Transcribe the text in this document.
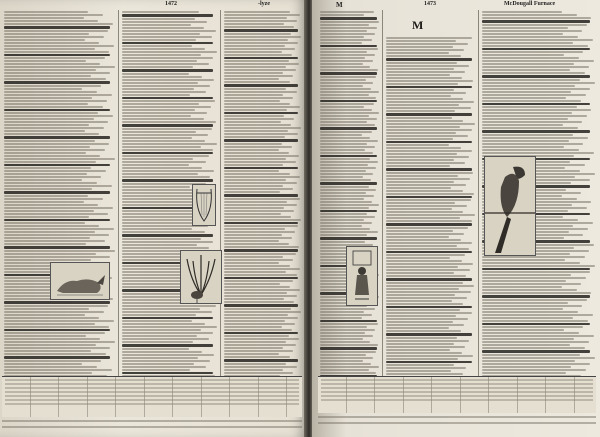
1472	-lyze	M	1473	McDougall Furnace
M
